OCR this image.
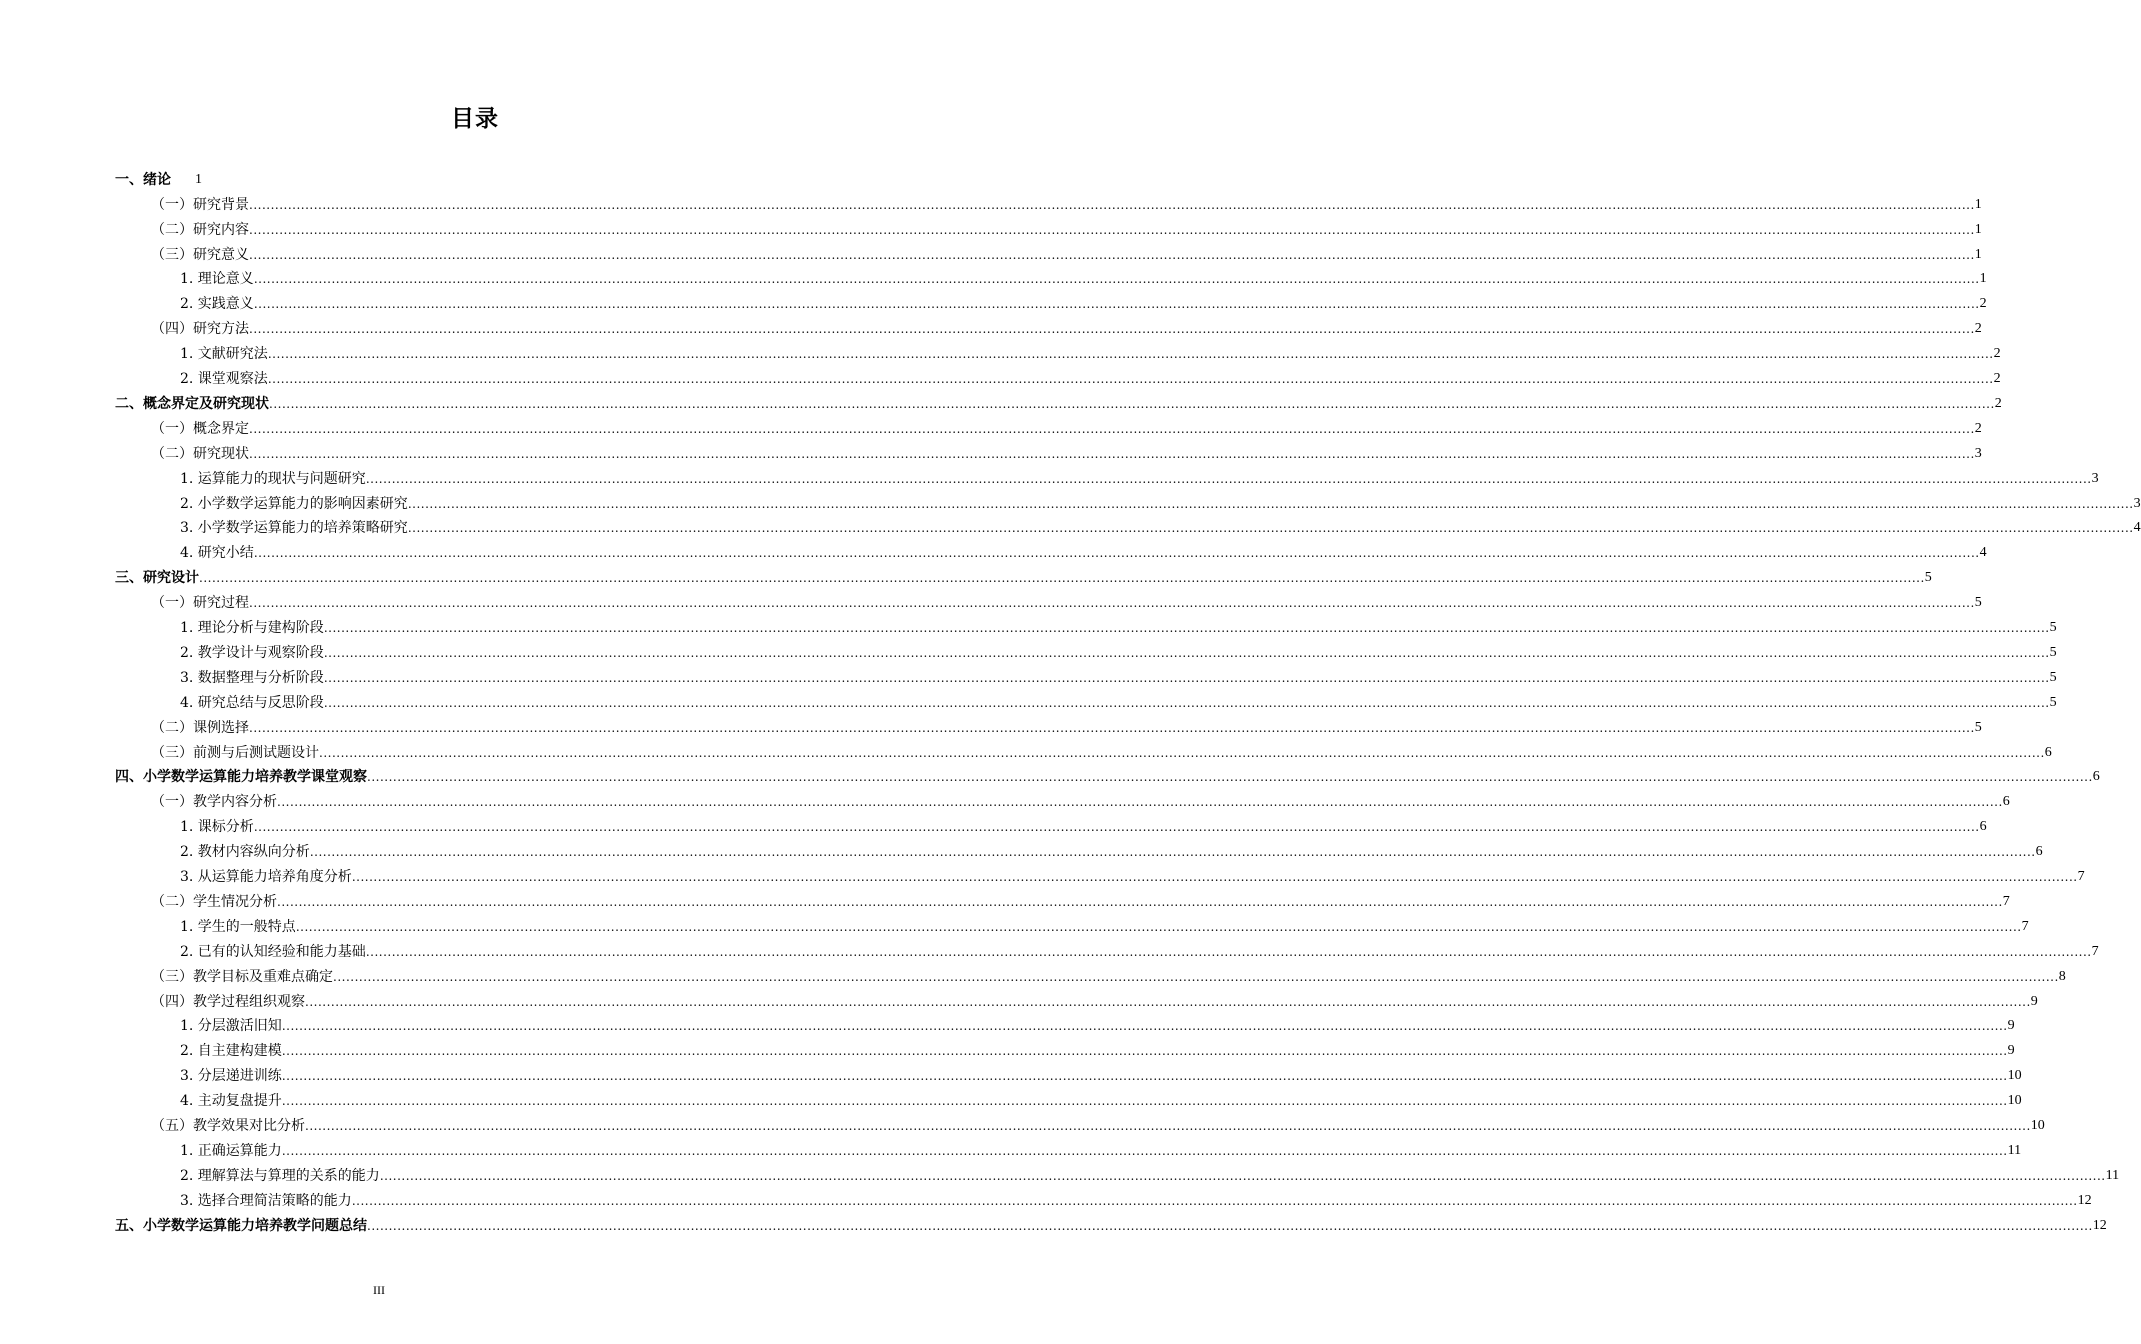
目录
一、绪论 1
（一）研究背景 ................................................................................................................................................................................................................................................................................................................................................................................................................ 1
（二）研究内容 ................................................................................................................................................................................................................................................................................................................................................................................................................ 1
（三）研究意义 ................................................................................................................................................................................................................................................................................................................................................................................................................ 1
1. 理论意义 ................................................................................................................................................................................................................................................................................................................................................................................................................ 1
2. 实践意义 ................................................................................................................................................................................................................................................................................................................................................................................................................ 2
（四）研究方法 ................................................................................................................................................................................................................................................................................................................................................................................................................ 2
1. 文献研究法 ................................................................................................................................................................................................................................................................................................................................................................................................................ 2
2. 课堂观察法 ................................................................................................................................................................................................................................................................................................................................................................................................................ 2
二、概念界定及研究现状 ................................................................................................................................................................................................................................................................................................................................................................................................................ 2
（一）概念界定 ................................................................................................................................................................................................................................................................................................................................................................................................................ 2
（二）研究现状 ................................................................................................................................................................................................................................................................................................................................................................................................................ 3
1. 运算能力的现状与问题研究 ................................................................................................................................................................................................................................................................................................................................................................................................................ 3
2. 小学数学运算能力的影响因素研究 ................................................................................................................................................................................................................................................................................................................................................................................................................ 3
3. 小学数学运算能力的培养策略研究 ................................................................................................................................................................................................................................................................................................................................................................................................................ 4
4. 研究小结 ................................................................................................................................................................................................................................................................................................................................................................................................................ 4
三、研究设计 ................................................................................................................................................................................................................................................................................................................................................................................................................ 5
（一）研究过程 ................................................................................................................................................................................................................................................................................................................................................................................................................ 5
1. 理论分析与建构阶段 ................................................................................................................................................................................................................................................................................................................................................................................................................ 5
2. 教学设计与观察阶段 ................................................................................................................................................................................................................................................................................................................................................................................................................ 5
3. 数据整理与分析阶段 ................................................................................................................................................................................................................................................................................................................................................................................................................ 5
4. 研究总结与反思阶段 ................................................................................................................................................................................................................................................................................................................................................................................................................ 5
（二）课例选择 ................................................................................................................................................................................................................................................................................................................................................................................................................ 5
（三）前测与后测试题设计 ................................................................................................................................................................................................................................................................................................................................................................................................................ 6
四、小学数学运算能力培养教学课堂观察 ................................................................................................................................................................................................................................................................................................................................................................................................................ 6
（一）教学内容分析 ................................................................................................................................................................................................................................................................................................................................................................................................................ 6
1. 课标分析 ................................................................................................................................................................................................................................................................................................................................................................................................................ 6
2. 教材内容纵向分析 ................................................................................................................................................................................................................................................................................................................................................................................................................ 6
3. 从运算能力培养角度分析 ................................................................................................................................................................................................................................................................................................................................................................................................................ 7
（二）学生情况分析 ................................................................................................................................................................................................................................................................................................................................................................................................................ 7
1. 学生的一般特点 ................................................................................................................................................................................................................................................................................................................................................................................................................ 7
2. 已有的认知经验和能力基础 ................................................................................................................................................................................................................................................................................................................................................................................................................ 7
（三）教学目标及重难点确定 ................................................................................................................................................................................................................................................................................................................................................................................................................ 8
（四）教学过程组织观察 ................................................................................................................................................................................................................................................................................................................................................................................................................ 9
1. 分层激活旧知 ................................................................................................................................................................................................................................................................................................................................................................................................................ 9
2. 自主建构建模 ................................................................................................................................................................................................................................................................................................................................................................................................................ 9
3. 分层递进训练 ................................................................................................................................................................................................................................................................................................................................................................................................................ 10
4. 主动复盘提升 ................................................................................................................................................................................................................................................................................................................................................................................................................ 10
（五）教学效果对比分析 ................................................................................................................................................................................................................................................................................................................................................................................................................ 10
1. 正确运算能力 ................................................................................................................................................................................................................................................................................................................................................................................................................ 11
2. 理解算法与算理的关系的能力 ................................................................................................................................................................................................................................................................................................................................................................................................................ 11
3. 选择合理简洁策略的能力 ................................................................................................................................................................................................................................................................................................................................................................................................................ 12
五、小学数学运算能力培养教学问题总结 ................................................................................................................................................................................................................................................................................................................................................................................................................ 12
III
